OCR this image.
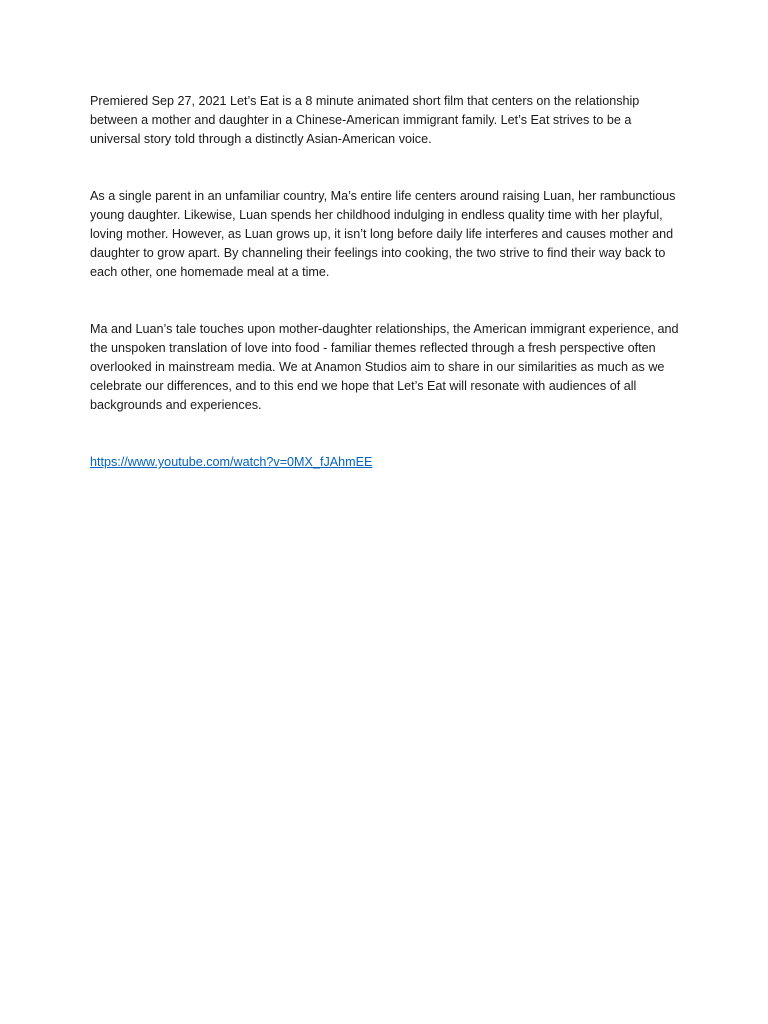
Premiered Sep 27, 2021 Let’s Eat is a 8 minute animated short film that centers on the relationship between a mother and daughter in a Chinese-American immigrant family. Let’s Eat strives to be a universal story told through a distinctly Asian-American voice.

As a single parent in an unfamiliar country, Ma’s entire life centers around raising Luan, her rambunctious young daughter. Likewise, Luan spends her childhood indulging in endless quality time with her playful, loving mother. However, as Luan grows up, it isn’t long before daily life interferes and causes mother and daughter to grow apart. By channeling their feelings into cooking, the two strive to find their way back to each other, one homemade meal at a time.

Ma and Luan’s tale touches upon mother-daughter relationships, the American immigrant experience, and the unspoken translation of love into food - familiar themes reflected through a fresh perspective often overlooked in mainstream media. We at Anamon Studios aim to share in our similarities as much as we celebrate our differences, and to this end we hope that Let’s Eat will resonate with audiences of all backgrounds and experiences.

https://www.youtube.com/watch?v=0MX_fJAhmEE
